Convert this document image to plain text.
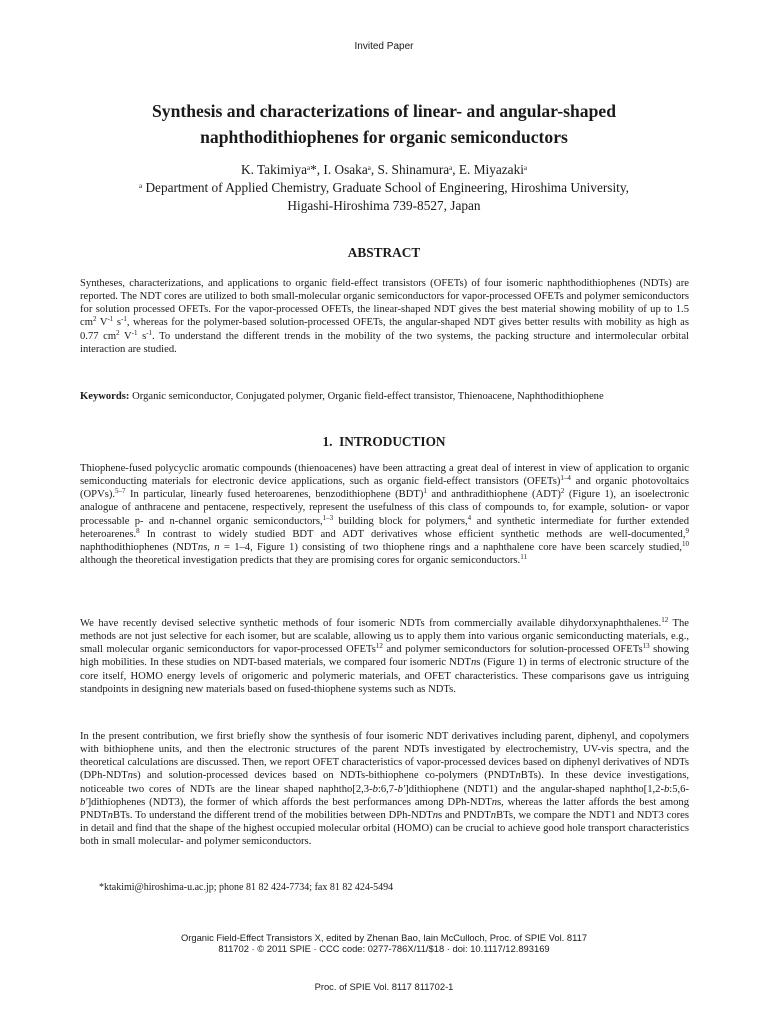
Invited Paper
Synthesis and characterizations of linear- and angular-shaped
naphthodithiophenes for organic semiconductors
K. Takimiya$^a$*, I. Osaka$^a$, S. Shinamura$^a$, E. Miyazaki$^a$
$^a$ Department of Applied Chemistry, Graduate School of Engineering, Hiroshima University,
Higashi-Hiroshima 739-8527, Japan
ABSTRACT
Syntheses, characterizations, and applications to organic field-effect transistors (OFETs) of four isomeric naphthodithiophenes (NDTs) are reported. The NDT cores are utilized to both small-molecular organic semiconductors for vapor-processed OFETs and polymer semiconductors for solution processed OFETs. For the vapor-processed OFETs, the linear-shaped NDT gives the best material showing mobility of up to 1.5 $cm^2$ $V^{-1}$ $s^{-1}$, whereas for the polymer-based solution-processed OFETs, the angular-shaped NDT gives better results with mobility as high as 0.77 $cm^2$ $V^{-1}$ $s^{-1}$. To understand the different trends in the mobility of the two systems, the packing structure and intermolecular orbital interaction are studied.
Keywords: Organic semiconductor, Conjugated polymer, Organic field-effect transistor, Thienoacene, Naphthodithiophene
1. INTRODUCTION
Thiophene-fused polycyclic aromatic compounds (thienoacenes) have been attracting a great deal of interest in view of application to organic semiconducting materials for electronic device applications, such as organic field-effect transistors (OFETs)$^{1-4}$ and organic photovoltaics (OPVs).$^{5-7}$ In particular, linearly fused heteroarenes, benzodithiophene (BDT)$^1$ and anthradithiophene (ADT)$^2$ (Figure 1), an isoelectronic analogue of anthracene and pentacene, respectively, represent the usefulness of this class of compounds to, for example, solution- or vapor processable p- and n-channel organic semiconductors,$^{1-3}$ building block for polymers,$^4$ and synthetic intermediate for further extended heteroarenes.$^8$ In contrast to widely studied BDT and ADT derivatives whose efficient synthetic methods are well-documented,$^9$ naphthodithiophenes (NDTns, n = 1–4, Figure 1) consisting of two thiophene rings and a naphthalene core have been scarcely studied,$^{10}$ although the theoretical investigation predicts that they are promising cores for organic semiconductors.$^{11}$
We have recently devised selective synthetic methods of four isomeric NDTs from commercially available dihydorxynaphthalenes.$^{12}$ The methods are not just selective for each isomer, but are scalable, allowing us to apply them into various organic semiconducting materials, e.g., small molecular organic semiconductors for vapor-processed OFETs$^{12}$ and polymer semiconductors for solution-processed OFETs$^{13}$ showing high mobilities. In these studies on NDT-based materials, we compared four isomeric NDTns (Figure 1) in terms of electronic structure of the core itself, HOMO energy levels of origomeric and polymeric materials, and OFET characteristics. These comparisons gave us intriguing standpoints in designing new materials based on fused-thiophene systems such as NDTs.
In the present contribution, we first briefly show the synthesis of four isomeric NDT derivatives including parent, diphenyl, and copolymers with bithiophene units, and then the electronic structures of the parent NDTs investigated by electrochemistry, UV-vis spectra, and the theoretical calculations are discussed. Then, we report OFET characteristics of vapor-processed devices based on diphenyl derivatives of NDTs (DPh-NDTns) and solution-processed devices based on NDTs-bithiophene co-polymers (PNDTnBTs). In these device investigations, noticeable two cores of NDTs are the linear shaped naphtho[2,3-b:6,7-b′]dithiophene (NDT1) and the angular-shaped naphtho[1,2-b:5,6-b′]dithiophenes (NDT3), the former of which affords the best performances among DPh-NDTns, whereas the latter affords the best among PNDTnBTs. To understand the different trend of the mobilities between DPh-NDTns and PNDTnBTs, we compare the NDT1 and NDT3 cores in detail and find that the shape of the highest occupied molecular orbital (HOMO) can be crucial to achieve good hole transport characteristics both in small molecular- and polymer semiconductors.
*ktakimi@hiroshima-u.ac.jp; phone 81 82 424-7734; fax 81 82 424-5494
Organic Field-Effect Transistors X, edited by Zhenan Bao, Iain McCulloch, Proc. of SPIE Vol. 8117
811702 · © 2011 SPIE · CCC code: 0277-786X/11/$18 · doi: 10.1117/12.893169
Proc. of SPIE Vol. 8117 811702-1
